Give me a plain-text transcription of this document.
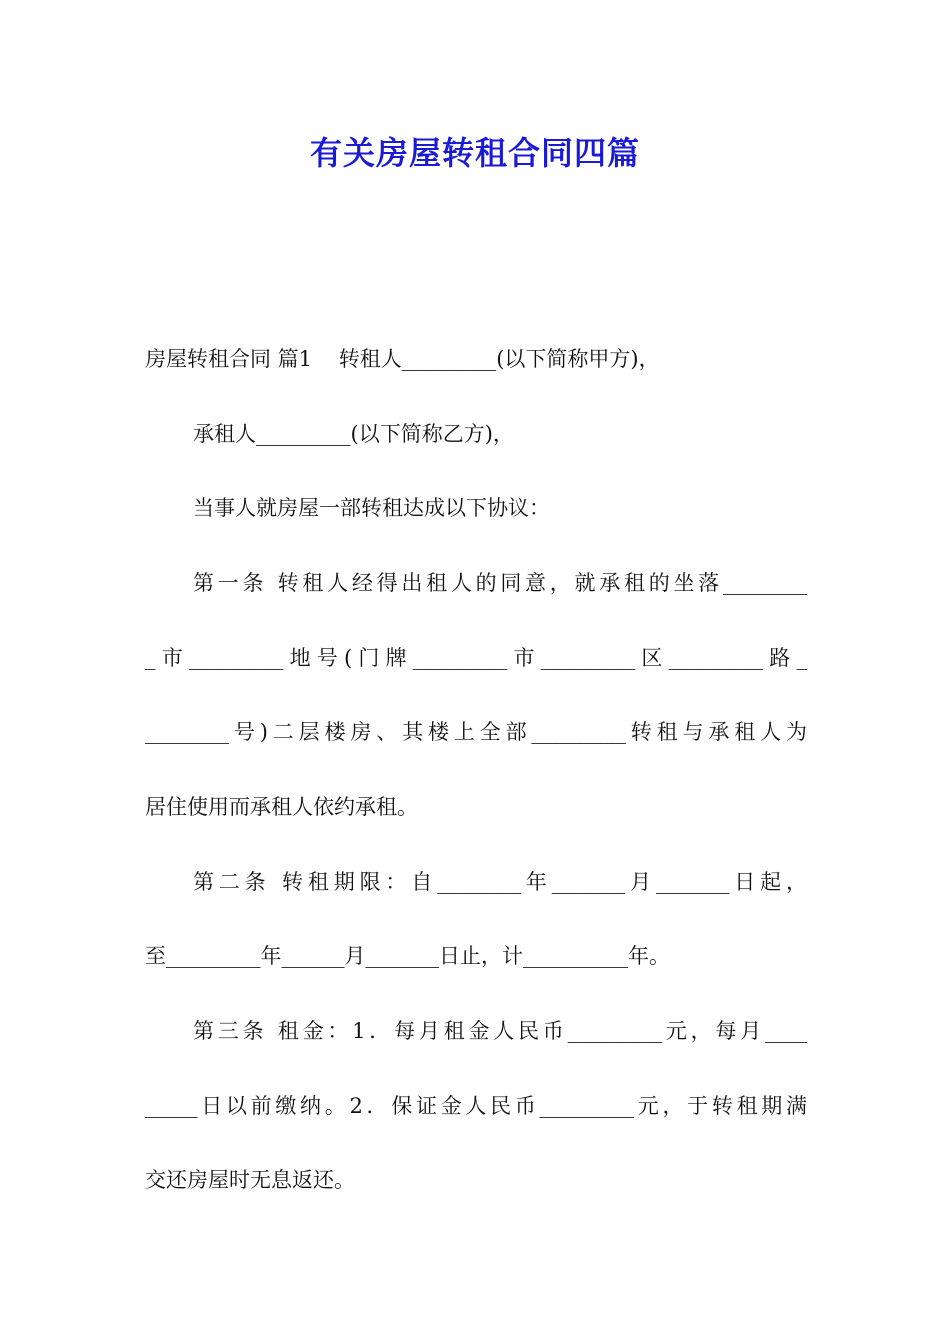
有关房屋转租合同四篇

房屋转租合同 篇1    转租人_________(以下简称甲方)，

承租人_________(以下简称乙方)，

当事人就房屋一部转租达成以下协议：

第一条 转租人经得出租人的同意，就承租的坐落________

_市_________地号(门牌_________市_________区_________路_

________号)二层楼房、其楼上全部_________转租与承租人为

居住使用而承租人依约承租。

第二条 转租期限：自________年_______月_______日起，

至_________年______月_______日止，计__________年。

第三条 租金：1．每月租金人民币_________元，每月____

_____日以前缴纳。2．保证金人民币_________元，于转租期满

交还房屋时无息返还。
